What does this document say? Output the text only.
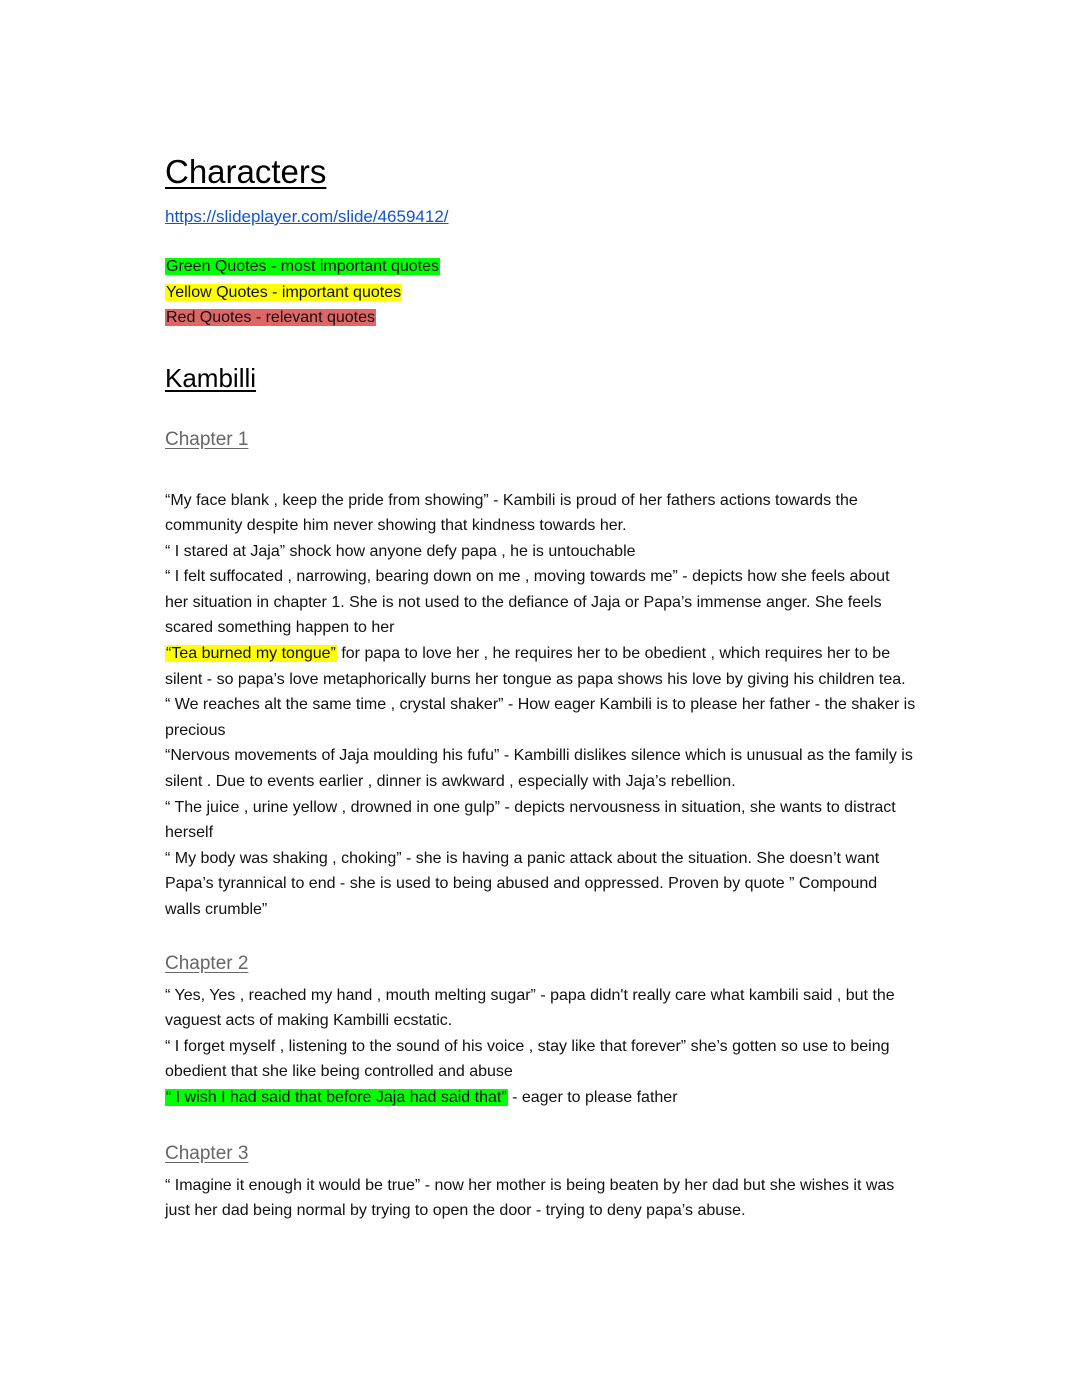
Characters
https://slideplayer.com/slide/4659412/
Green Quotes - most important quotes
Yellow Quotes - important quotes
Red Quotes - relevant quotes
Kambilli
Chapter 1

“My face blank , keep the pride from showing” - Kambili is proud of her fathers actions towards the community despite him never showing that kindness towards her.

“ I stared at Jaja” shock how anyone defy papa , he is untouchable

“ I felt suffocated , narrowing, bearing down on me , moving towards me” - depicts how she feels about her situation in chapter 1. She is not used to the defiance of Jaja or Papa’s immense anger. She feels scared something happen to her

“Tea burned my tongue” for papa to love her , he requires her to be obedient , which requires her to be silent - so papa’s love metaphorically burns her tongue as papa shows his love by giving his children tea.

“ We reaches alt the same time , crystal shaker” - How eager Kambili is to please her father - the shaker is precious

“Nervous movements of Jaja moulding his fufu” - Kambilli dislikes silence which is unusual as the family is silent . Due to events earlier , dinner is awkward , especially with Jaja’s rebellion.

“ The juice , urine yellow , drowned in one gulp” - depicts nervousness in situation, she wants to distract herself

“ My body was shaking , choking” - she is having a panic attack about the situation. She doesn’t want Papa’s tyrannical to end - she is used to being abused and oppressed. Proven by quote ” Compound walls crumble”

Chapter 2

“ Yes, Yes , reached my hand , mouth melting sugar” - papa didn't really care what kambili said , but the vaguest acts of making Kambilli ecstatic.

“ I forget myself , listening to the sound of his voice , stay like that forever” she’s gotten so use to being obedient that she like being controlled and abuse

“ I wish I had said that before Jaja had said that” - eager to please father

Chapter 3

“ Imagine it enough it would be true” - now her mother is being beaten by her dad but she wishes it was just her dad being normal by trying to open the door - trying to deny papa’s abuse.
